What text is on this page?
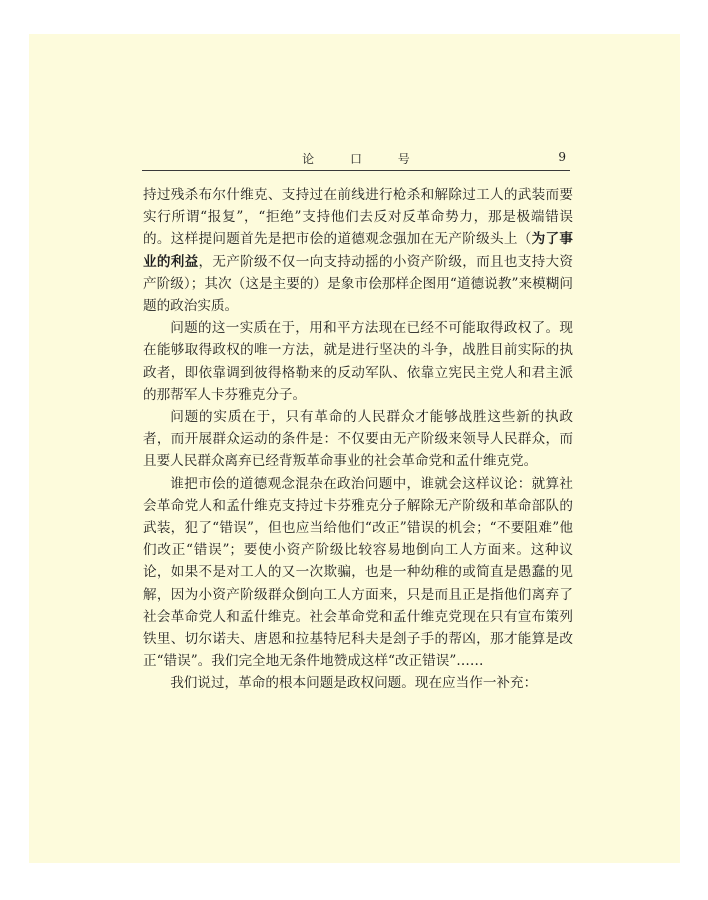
论 口 号	9

持过残杀布尔什维克、支持过在前线进行枪杀和解除过工人的武装而要实行所谓“报复”，“拒绝”支持他们去反对反革命势力，那是极端错误的。这样提问题首先是把市侩的道德观念强加在无产阶级头上（为了事业的利益，无产阶级不仅一向支持动摇的小资产阶级，而且也支持大资产阶级）；其次（这是主要的）是象市侩那样企图用“道德说教”来模糊问题的政治实质。

问题的这一实质在于，用和平方法现在已经不可能取得政权了。现在能够取得政权的唯一方法，就是进行坚决的斗争，战胜目前实际的执政者，即依靠调到彼得格勒来的反动军队、依靠立宪民主党人和君主派的那帮军人卡芬雅克分子。

问题的实质在于，只有革命的人民群众才能够战胜这些新的执政者，而开展群众运动的条件是：不仅要由无产阶级来领导人民群众，而且要人民群众离弃已经背叛革命事业的社会革命党和孟什维克党。

谁把市侩的道德观念混杂在政治问题中，谁就会这样议论：就算社会革命党人和孟什维克支持过卡芬雅克分子解除无产阶级和革命部队的武装，犯了“错误”，但也应当给他们“改正”错误的机会；“不要阻难”他们改正“错误”；要使小资产阶级比较容易地倒向工人方面来。这种议论，如果不是对工人的又一次欺骗，也是一种幼稚的或简直是愚蠢的见解，因为小资产阶级群众倒向工人方面来，只是而且正是指他们离弃了社会革命党人和孟什维克。社会革命党和孟什维克党现在只有宣布策列铁里、切尔诺夫、唐恩和拉基特尼科夫是刽子手的帮凶，那才能算是改正“错误”。我们完全地无条件地赞成这样“改正错误”……

我们说过，革命的根本问题是政权问题。现在应当作一补充：
